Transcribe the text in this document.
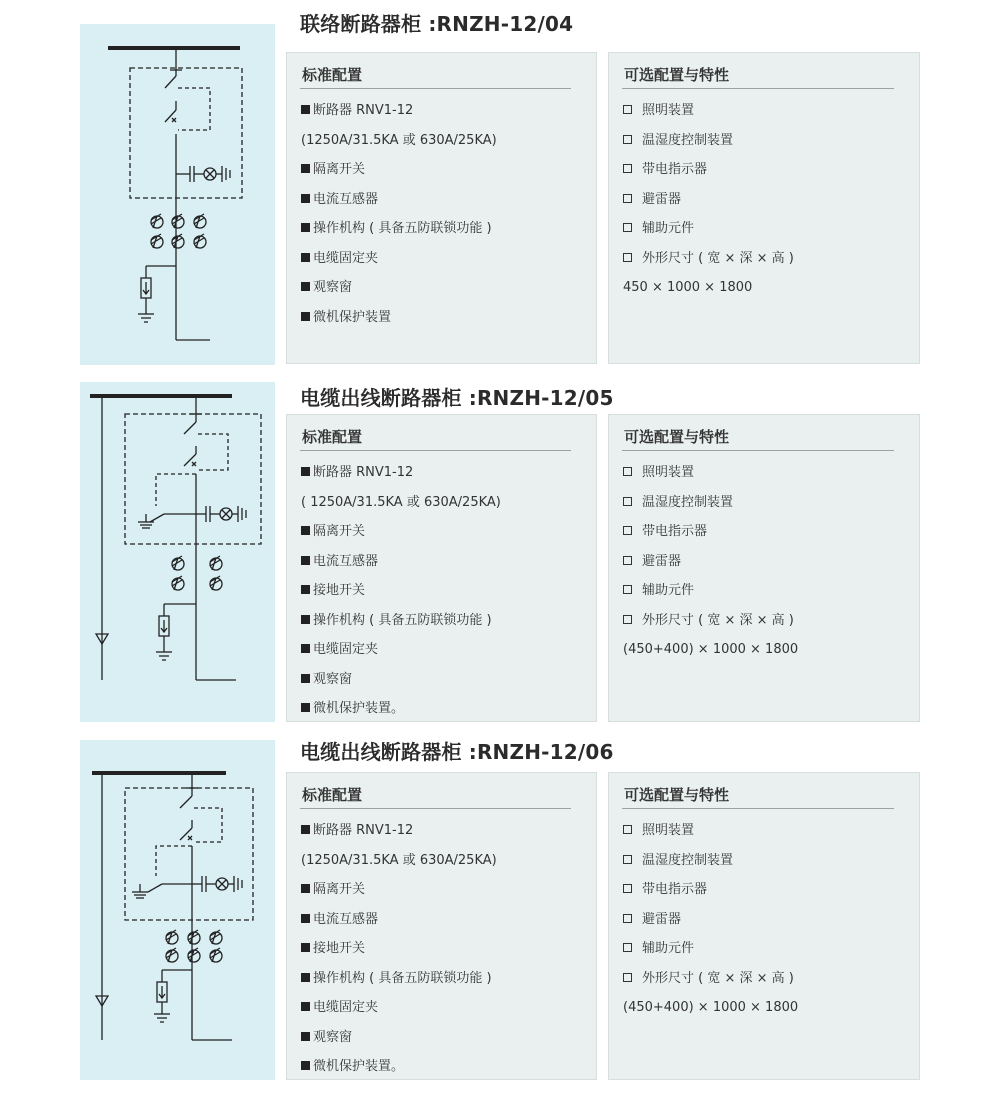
联络断路器柜 :RNZH-12/04
标准配置
断路器 RNV1-12
(1250A/31.5KA 或 630A/25KA)
隔离开关
电流互感器
操作机构 ( 具备五防联锁功能 )
电缆固定夹
观察窗
微机保护装置
可选配置与特性
照明装置
温湿度控制装置
带电指示器
避雷器
辅助元件
外形尺寸 ( 宽 × 深 × 高 )
450 × 1000 × 1800
电缆出线断路器柜 :RNZH-12/05
标准配置
断路器 RNV1-12
( 1250A/31.5KA 或 630A/25KA)
隔离开关
电流互感器
接地开关
操作机构 ( 具备五防联锁功能 )
电缆固定夹
观察窗
微机保护装置。
可选配置与特性
照明装置
温湿度控制装置
带电指示器
避雷器
辅助元件
外形尺寸 ( 宽 × 深 × 高 )
(450+400) × 1000 × 1800
电缆出线断路器柜 :RNZH-12/06
标准配置
断路器 RNV1-12
(1250A/31.5KA 或 630A/25KA)
隔离开关
电流互感器
接地开关
操作机构 ( 具备五防联锁功能 )
电缆固定夹
观察窗
微机保护装置。
可选配置与特性
照明装置
温湿度控制装置
带电指示器
避雷器
辅助元件
外形尺寸 ( 宽 × 深 × 高 )
(450+400) × 1000 × 1800
